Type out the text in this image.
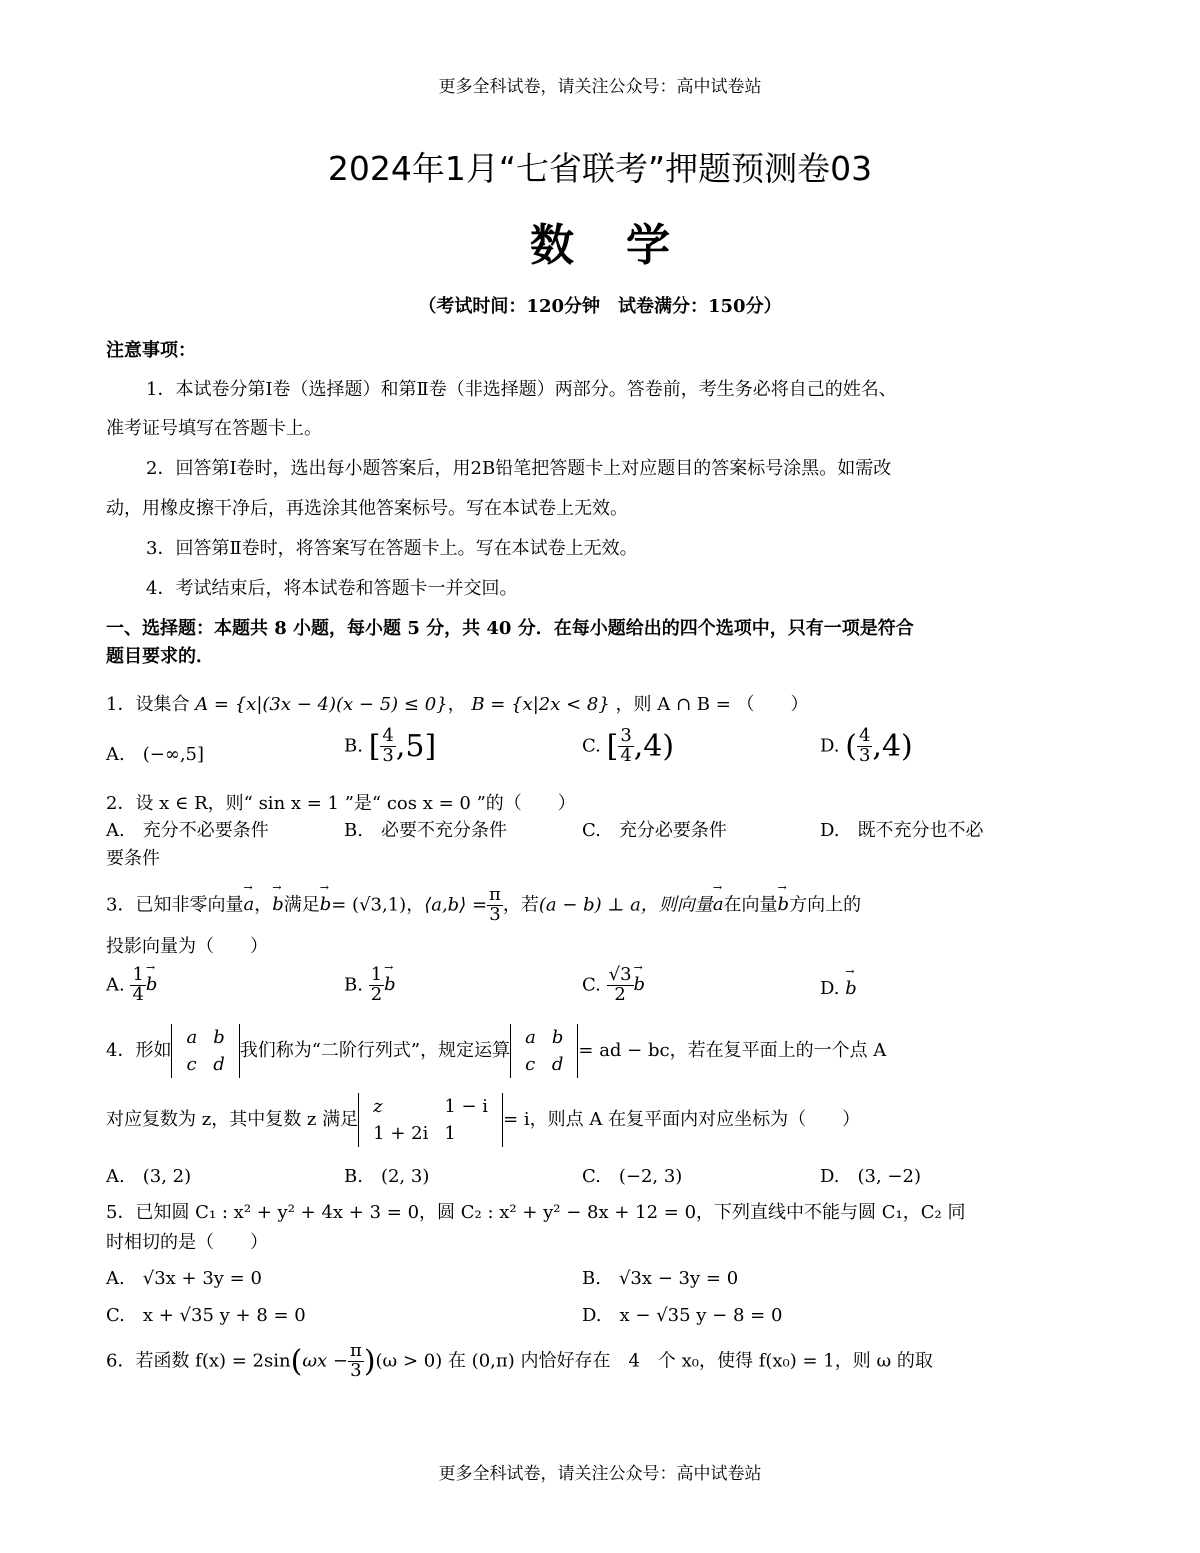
更多全科试卷，请关注公众号：高中试卷站
2024年1月“七省联考”押题预测卷03
数学
（考试时间：120分钟　试卷满分：150分）
注意事项：
1．本试卷分第Ⅰ卷（选择题）和第Ⅱ卷（非选择题）两部分。答卷前，考生务必将自己的姓名、
准考证号填写在答题卡上。
2．回答第Ⅰ卷时，选出每小题答案后，用2B铅笔把答题卡上对应题目的答案标号涂黑。如需改
动，用橡皮擦干净后，再选涂其他答案标号。写在本试卷上无效。
3．回答第Ⅱ卷时，将答案写在答题卡上。写在本试卷上无效。
4．考试结束后，将本试卷和答题卡一并交回。
一、选择题：本题共 8 小题，每小题 5 分，共 40 分．在每小题给出的四个选项中，只有一项是符合
题目要求的．
1．设集合 A = {x|(3x − 4)(x − 5) ≤ 0}， B = {x|2x < 8} ，则 A ∩ B = （　　）
A.　(−∞,5]	B. [ $\frac{4}{3} ,5$]	C. [ $\frac{3}{4} ,4$)	D. ( $\frac{4}{3} ,4$)
2．设 x ∈ R，则“ sin x = 1 ”是“ cos x = 0 ”的（　　）
A.　充分不必要条件	B.　必要不充分条件	C.　充分必要条件	D.　既不充分也不必
要条件
3．已知非零向量→ a，→ b满足→ b= (√3,1)，⟨a,b⟩ = $\frac{\pi}{3}$ ，若(a − b) ⊥ a，则向量→ a在向量→ b方向上的
投影向量为（　　）
A. $\frac{1}{4} \to b$	B. $\frac{1}{2} \to b$	C. $\frac{√3}{2} \to b$	D. → b
4．形如
a	b
c	d
我们称为“二阶行列式”，规定运算
a	b
c	d
= ad − bc，若在复平面上的一个点 A
对应复数为 z，其中复数 z 满足
z	1 − i
1 + 2i	1
= i，则点 A 在复平面内对应坐标为（　　）
A.　(3, 2)	B.　(2, 3)	C.　(−2, 3)	D.　(3, −2)
5．已知圆 C₁ : x² + y² + 4x + 3 = 0，圆 C₂ : x² + y² − 8x + 12 = 0，下列直线中不能与圆 C₁，C₂ 同
时相切的是（　　）
A.　√3x + 3y = 0	B.　√3x − 3y = 0
C.　x + √35 y + 8 = 0	D.　x − √35 y − 8 = 0
6．若函数 $f(x) = 2\sin(\omega x - \frac{\pi}{3} )(\omega > 0)$ 在 (0,π) 内恰好存在　4　个 x₀，使得 f(x₀) = 1，则 ω 的取
更多全科试卷，请关注公众号：高中试卷站
